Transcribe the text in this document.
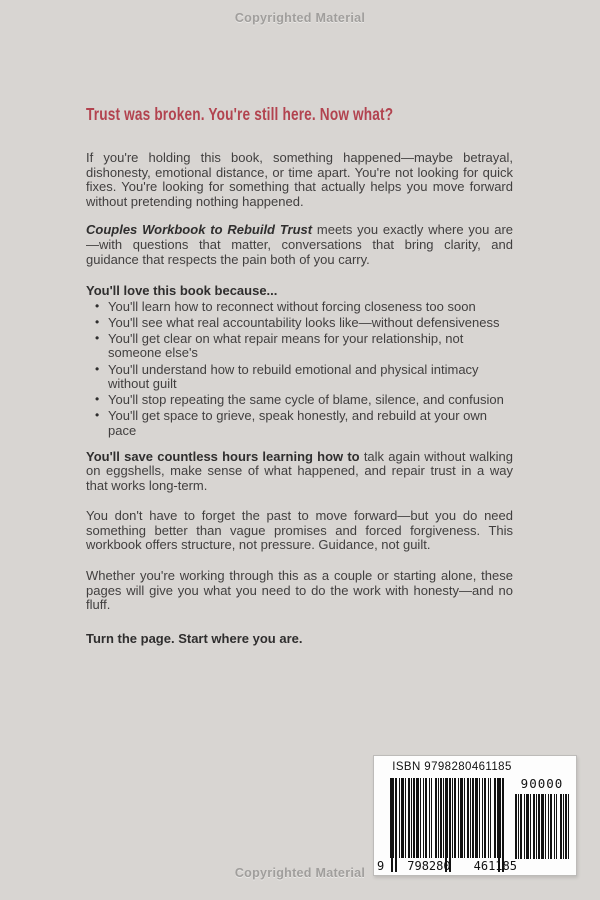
Copyrighted Material
Trust was broken. You're still here. Now what?

If you're holding this book, something happened—maybe betrayal, dishonesty, emotional distance, or time apart. You're not looking for quick fixes. You're looking for something that actually helps you move forward without pretending nothing happened.

Couples Workbook to Rebuild Trust meets you exactly where you are—with questions that matter, conversations that bring clarity, and guidance that respects the pain both of you carry.

You'll love this book because...

• You'll learn how to reconnect without forcing closeness too soon
• You'll see what real accountability looks like—without defensiveness
• You'll get clear on what repair means for your relationship, not someone else's
• You'll understand how to rebuild emotional and physical intimacy without guilt
• You'll stop repeating the same cycle of blame, silence, and confusion
• You'll get space to grieve, speak honestly, and rebuild at your own pace

You'll save countless hours learning how to talk again without walking on eggshells, make sense of what happened, and repair trust in a way that works long-term.

You don't have to forget the past to move forward—but you do need something better than vague promises and forced forgiveness. This workbook offers structure, not pressure. Guidance, not guilt.

Whether you're working through this as a couple or starting alone, these pages will give you what you need to do the work with honesty—and no fluff.

Turn the page. Start where you are.

ISBN 9798280461185
9 798280 461185
90000
Copyrighted Material
